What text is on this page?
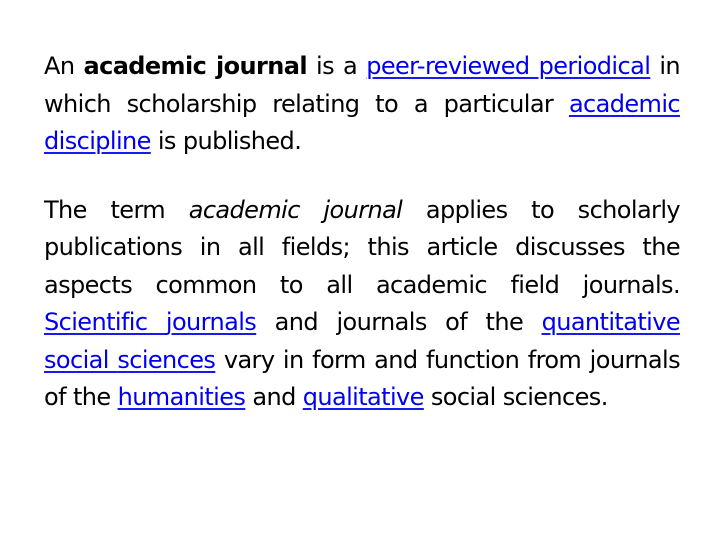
An academic journal is a peer-reviewed periodical in which scholarship relating to a particular academic discipline is published.

The term academic journal applies to scholarly publications in all fields; this article discusses the aspects common to all academic field journals. Scientific journals and journals of the quantitative social sciences vary in form and function from journals of the humanities and qualitative social sciences.
